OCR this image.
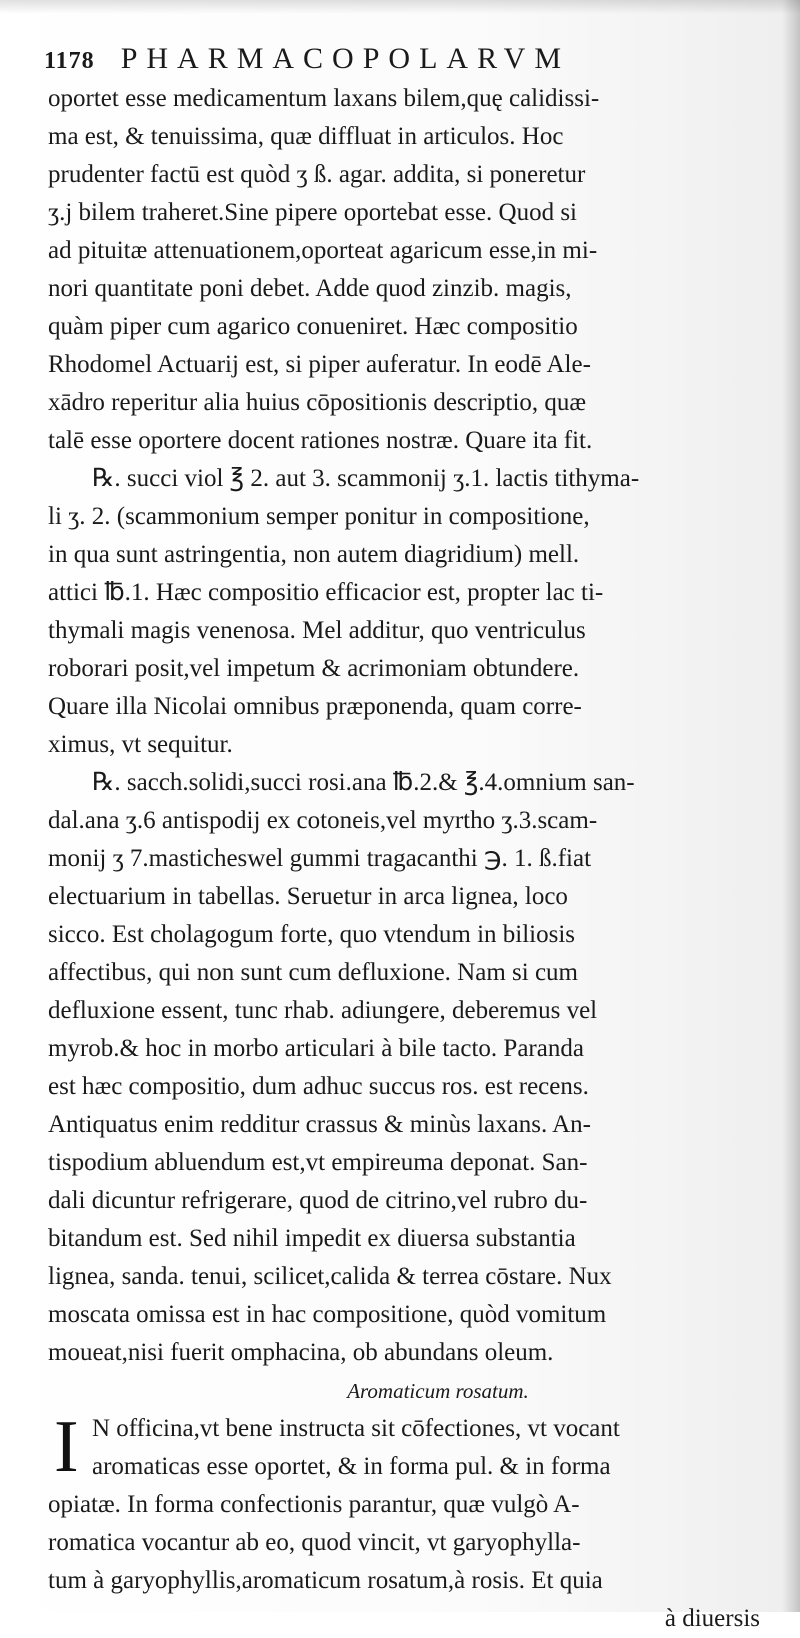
1178 PHARMACOPOLARVM
oportet esse medicamentum laxans bilem,quę calidissi-
ma est, & tenuissima, quæ diffluat in articulos. Hoc
prudenter factū est quòd ʒ ß. agar. addita, si poneretur
ʒ.j bilem traheret.Sine pipere oportebat esse. Quod si
ad pituitæ attenuationem,oporteat agaricum esse,in mi-
nori quantitate poni debet. Adde quod zinzib. magis,
quàm piper cum agarico conueniret. Hæc compositio
Rhodomel Actuarij est, si piper auferatur. In eodē Ale-
xādro reperitur alia huius cōpositionis descriptio, quæ
talē esse oportere docent rationes nostræ. Quare ita fit.
℞. succi viol ℥ 2. aut 3. scammonij ʒ.1. lactis tithyma-
li ʒ. 2. (scammonium semper ponitur in compositione,
in qua sunt astringentia, non autem diagridium) mell.
attici ℔.1. Hæc compositio efficacior est, propter lac ti-
thymali magis venenosa. Mel additur, quo ventriculus
roborari posit,vel impetum & acrimoniam obtundere.
Quare illa Nicolai omnibus præponenda, quam corre-
ximus, vt sequitur.
℞. sacch.solidi,succi rosi.ana ℔.2.& ℥.4.omnium san-
dal.ana ʒ.6 antispodij ex cotoneis,vel myrtho ʒ.3.scam-
monij ʒ 7.masticheswel gummi tragacanthi ℈. 1. ß.fiat
electuarium in tabellas. Seruetur in arca lignea, loco
sicco. Est cholagogum forte, quo vtendum in biliosis
affectibus, qui non sunt cum defluxione. Nam si cum
defluxione essent, tunc rhab. adiungere, deberemus vel
myrob.& hoc in morbo articulari à bile tacto. Paranda
est hæc compositio, dum adhuc succus ros. est recens.
Antiquatus enim redditur crassus & minùs laxans. An-
tispodium abluendum est,vt empireuma deponat. San-
dali dicuntur refrigerare, quod de citrino,vel rubro du-
bitandum est. Sed nihil impedit ex diuersa substantia
lignea, sanda. tenui, scilicet,calida & terrea cōstare. Nux
moscata omissa est in hac compositione, quòd vomitum
moueat,nisi fuerit omphacina, ob abundans oleum.
Aromaticum rosatum.
I N officina,vt bene instructa sit cōfectiones, vt vocant
aromaticas esse oportet, & in forma pul. & in forma
opiatæ. In forma confectionis parantur, quæ vulgò A-
romatica vocantur ab eo, quod vincit, vt garyophylla-
tum à garyophyllis,aromaticum rosatum,à rosis. Et quia
à diuersis
